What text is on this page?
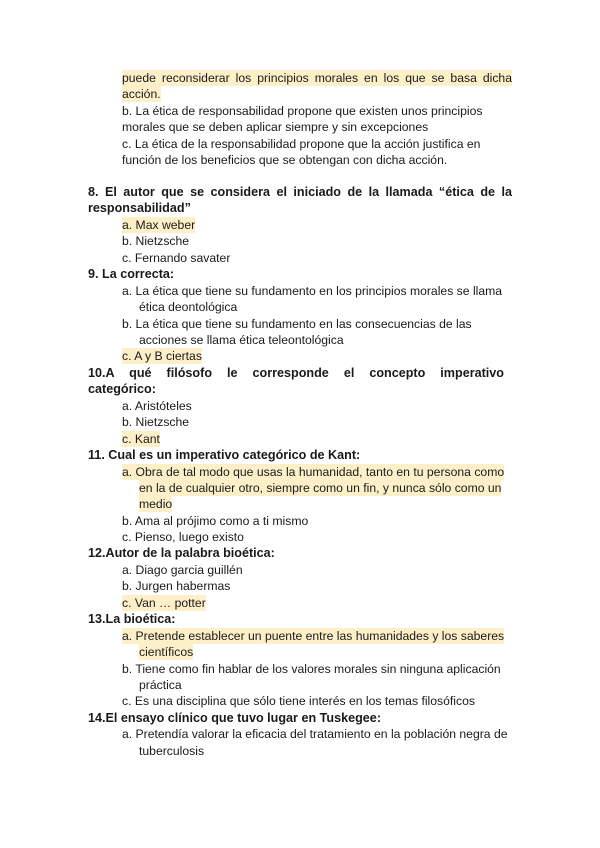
puede reconsiderar los principios morales en los que se basa dicha
acción.
b. La ética de responsabilidad propone que existen unos principios
morales que se deben aplicar siempre y sin excepciones
c. La ética de la responsabilidad propone que la acción justifica en
función de los beneficios que se obtengan con dicha acción.
8. El autor que se considera el iniciado de la llamada “ética de la
responsabilidad”
a. Max weber
b. Nietzsche
c. Fernando savater
9. La correcta:
a. La ética que tiene su fundamento en los principios morales se llama
ética deontológica
b. La ética que tiene su fundamento en las consecuencias de las
acciones se llama ética teleontológica
c. A y B ciertas
10.A qué filósofo le corresponde el concepto imperativo
categórico:
a. Aristóteles
b. Nietzsche
c. Kant
11. Cual es un imperativo categórico de Kant:
a. Obra de tal modo que usas la humanidad, tanto en tu persona como
en la de cualquier otro, siempre como un fin, y nunca sólo como un
medio
b. Ama al prójimo como a ti mismo
c. Pienso, luego existo
12.Autor de la palabra bioética:
a. Diago garcia guillén
b. Jurgen habermas
c. Van … potter
13.La bioética:
a. Pretende establecer un puente entre las humanidades y los saberes
científicos
b. Tiene como fin hablar de los valores morales sin ninguna aplicación
práctica
c. Es una disciplina que sólo tiene interés en los temas filosóficos
14.El ensayo clínico que tuvo lugar en Tuskegee:
a. Pretendía valorar la eficacia del tratamiento en la población negra de
tuberculosis
